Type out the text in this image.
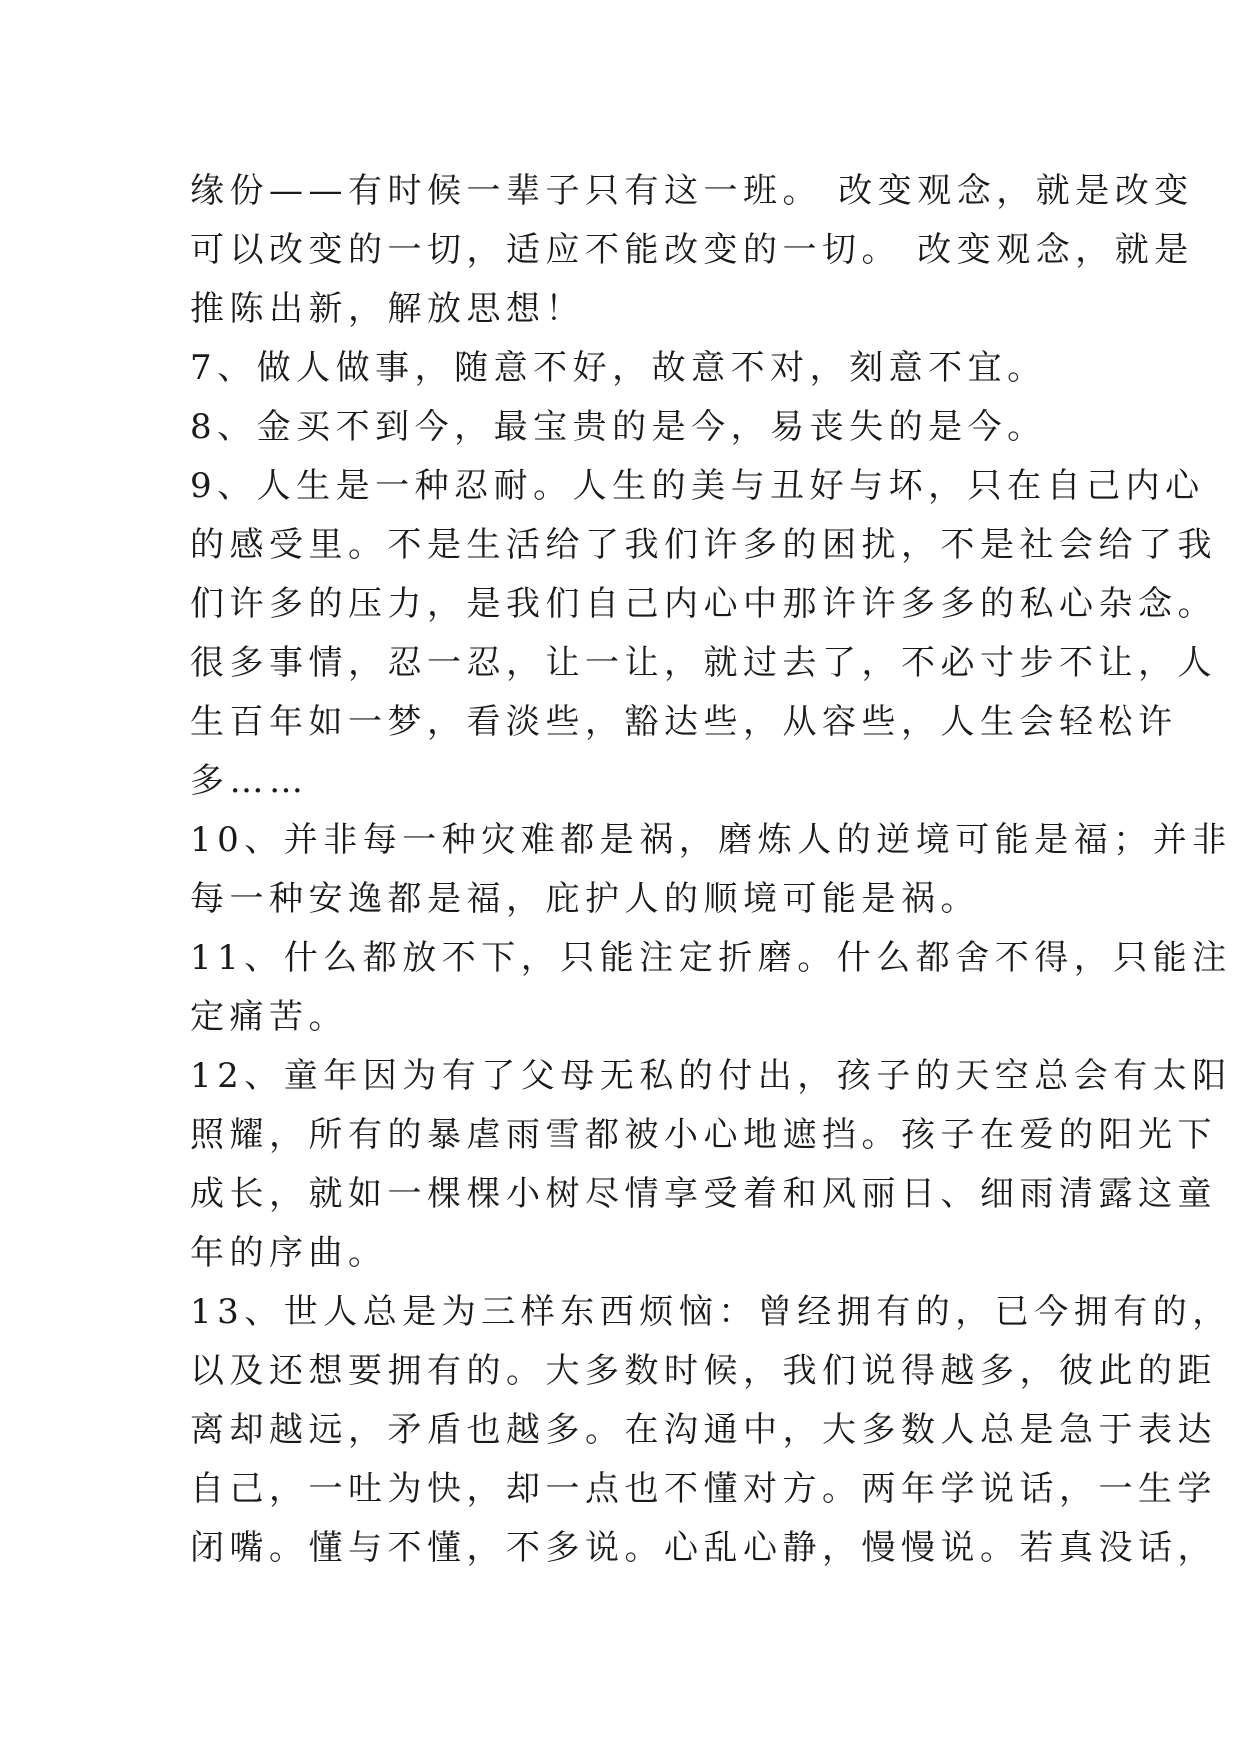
缘份——有时候一辈子只有这一班。 改变观念，就是改变
可以改变的一切，适应不能改变的一切。 改变观念，就是
推陈出新，解放思想！
7、做人做事，随意不好，故意不对，刻意不宜。
8、金买不到今，最宝贵的是今，易丧失的是今。
9、人生是一种忍耐。人生的美与丑好与坏，只在自己内心
的感受里。不是生活给了我们许多的困扰，不是社会给了我
们许多的压力，是我们自己内心中那许许多多的私心杂念。
很多事情，忍一忍，让一让，就过去了，不必寸步不让，人
生百年如一梦，看淡些，豁达些，从容些，人生会轻松许
多……
10、并非每一种灾难都是祸，磨炼人的逆境可能是福；并非
每一种安逸都是福，庇护人的顺境可能是祸。
11、什么都放不下，只能注定折磨。什么都舍不得，只能注
定痛苦。
12、童年因为有了父母无私的付出，孩子的天空总会有太阳
照耀，所有的暴虐雨雪都被小心地遮挡。孩子在爱的阳光下
成长，就如一棵棵小树尽情享受着和风丽日、细雨清露这童
年的序曲。
13、世人总是为三样东西烦恼：曾经拥有的，已今拥有的，
以及还想要拥有的。大多数时候，我们说得越多，彼此的距
离却越远，矛盾也越多。在沟通中，大多数人总是急于表达
自己，一吐为快，却一点也不懂对方。两年学说话，一生学
闭嘴。懂与不懂，不多说。心乱心静，慢慢说。若真没话，
